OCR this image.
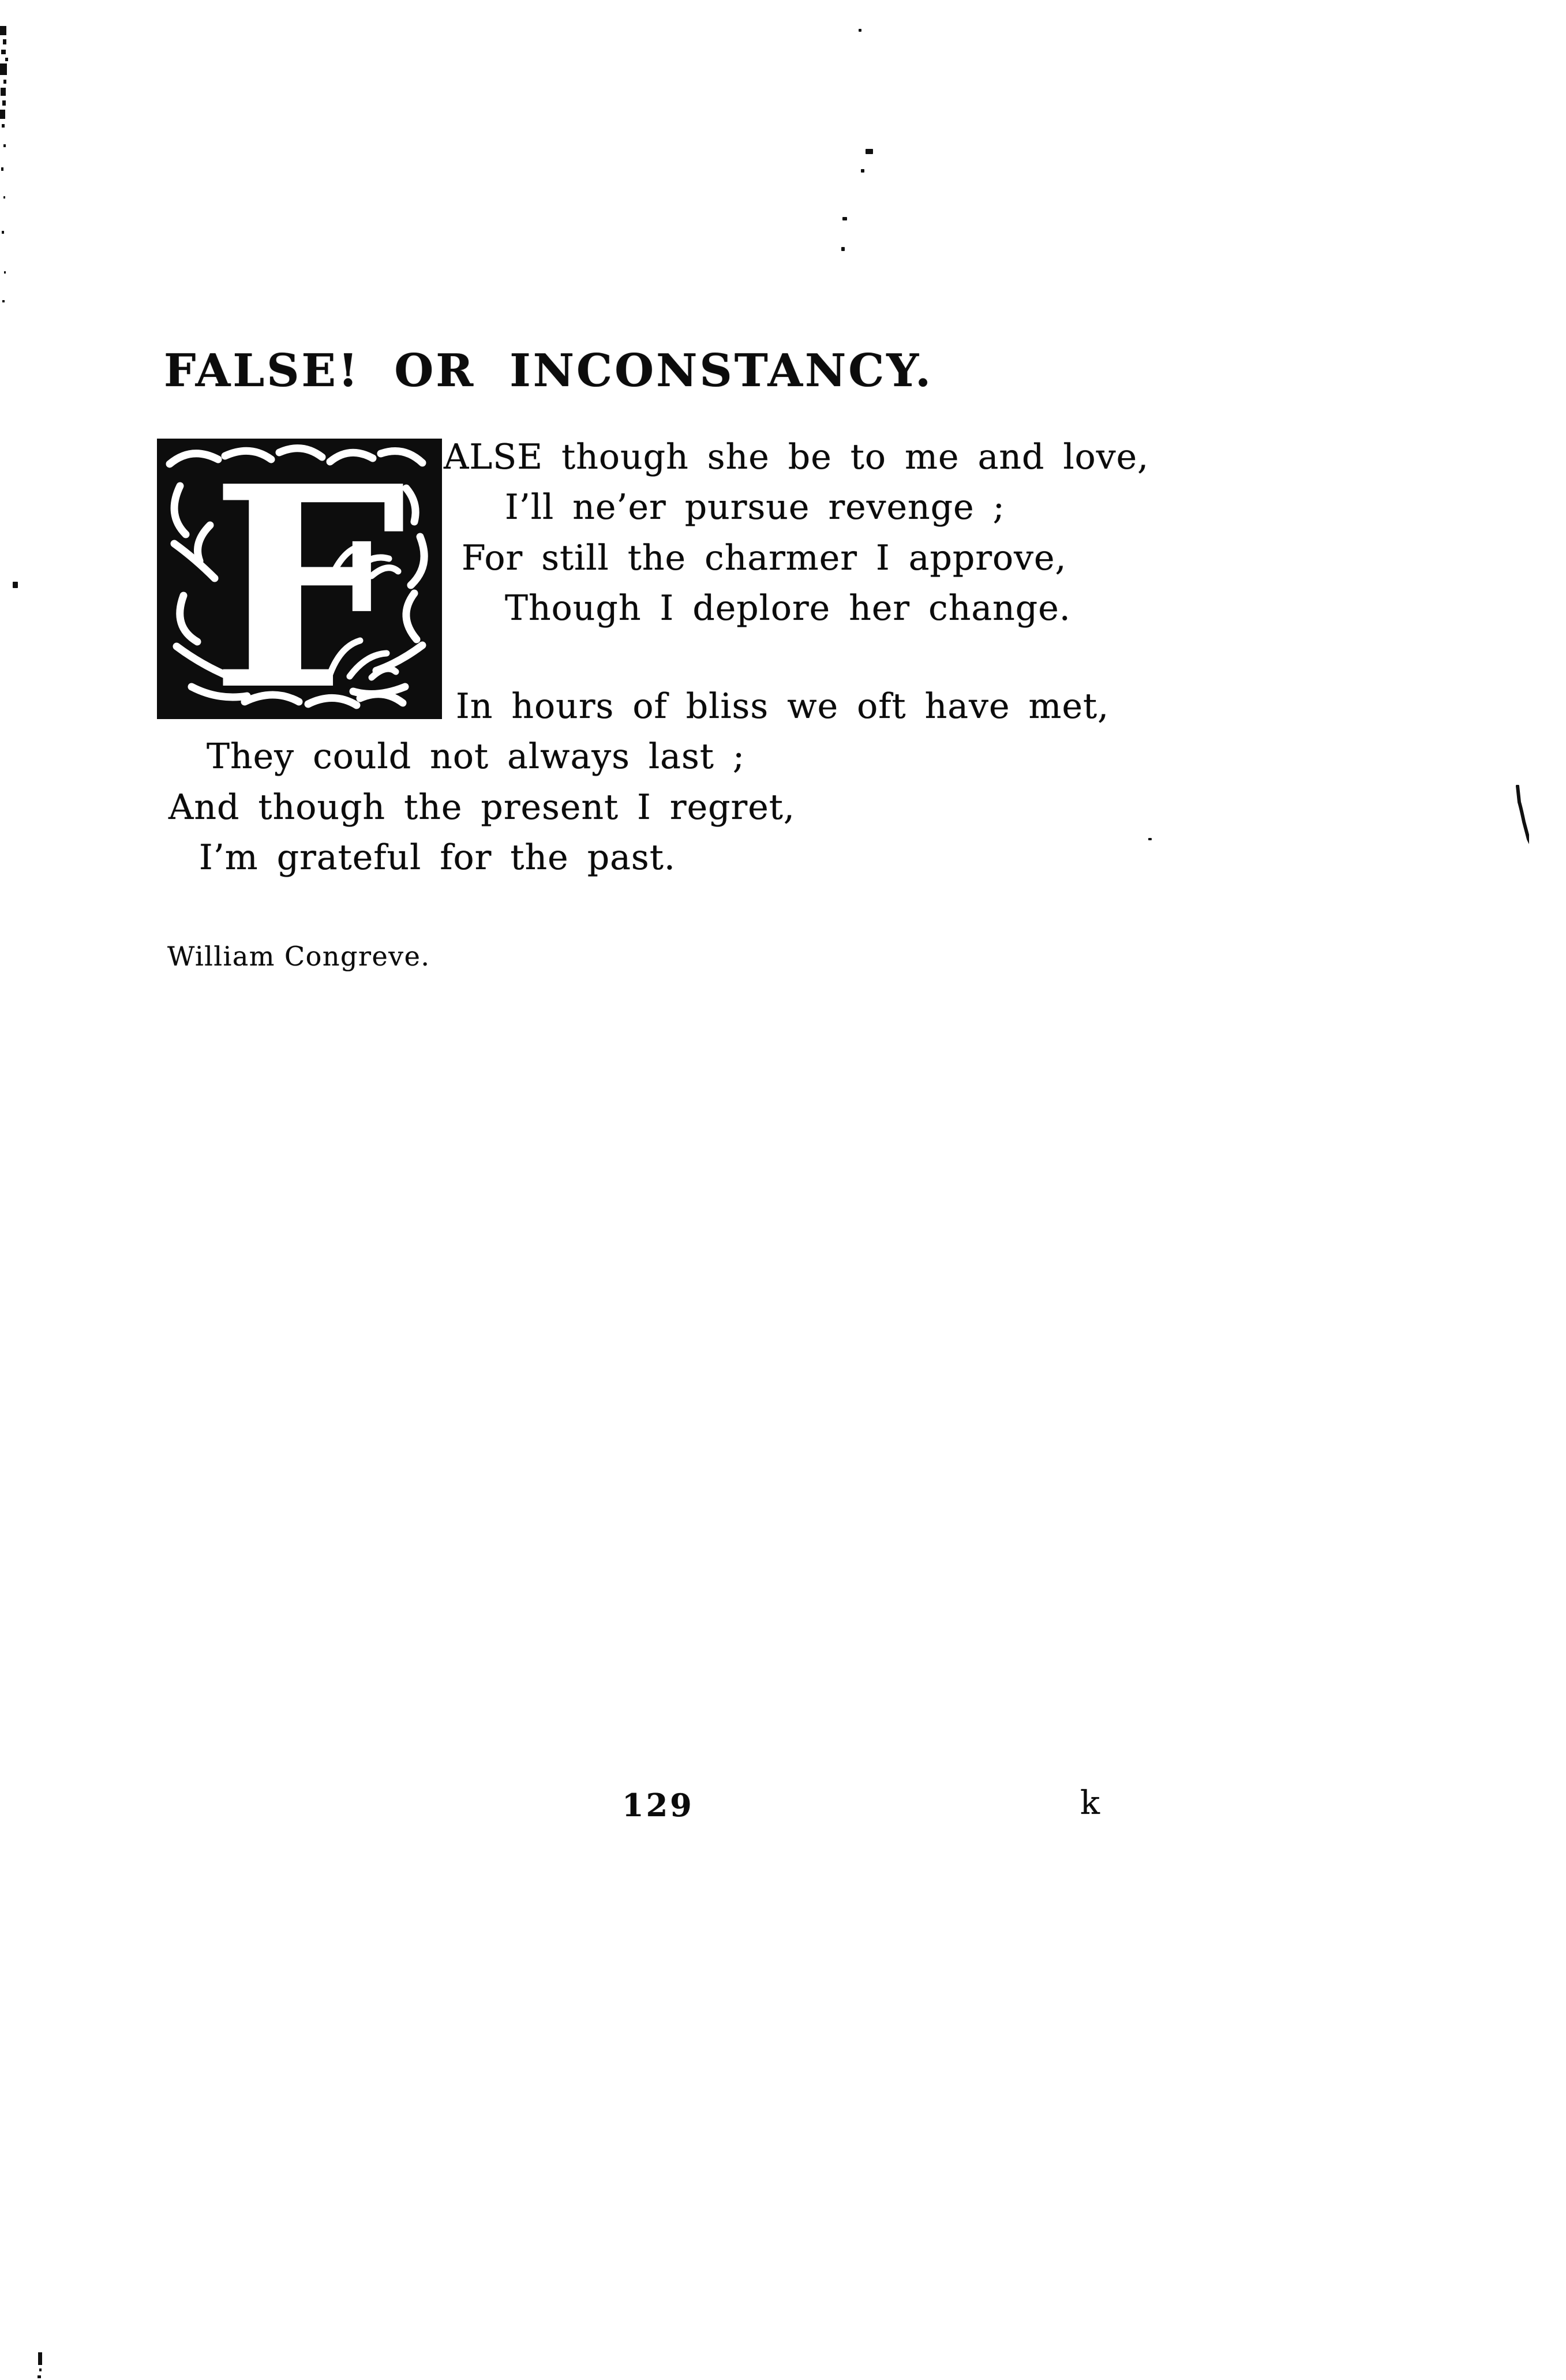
FALSE! OR INCONSTANCY.
F ALSE though she be to me and love,
I’ll ne’er pursue revenge ;
For still the charmer I approve,
Though I deplore her change.
In hours of bliss we oft have met,
They could not always last ;
And though the present I regret,
I’m grateful for the past.
William Congreve.
129	k
